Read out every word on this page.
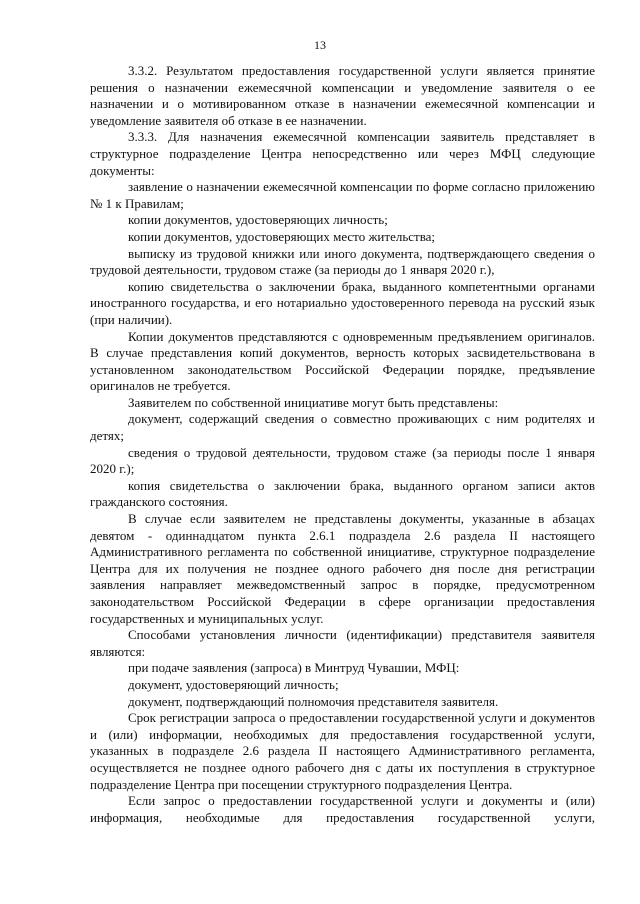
13

3.3.2. Результатом предоставления государственной услуги является принятие решения о назначении ежемесячной компенсации и уведомление заявителя о ее назначении и о мотивированном отказе в назначении ежемесячной компенсации и уведомление заявителя об отказе в ее назначении.

3.3.3. Для назначения ежемесячной компенсации заявитель представляет в структурное подразделение Центра непосредственно или через МФЦ следующие документы:

заявление о назначении ежемесячной компенсации по форме согласно приложению № 1 к Правилам;

копии документов, удостоверяющих личность;

копии документов, удостоверяющих место жительства;

выписку из трудовой книжки или иного документа, подтверждающего сведения о трудовой деятельности, трудовом стаже (за периоды до 1 января 2020 г.),

копию свидетельства о заключении брака, выданного компетентными органами иностранного государства, и его нотариально удостоверенного перевода на русский язык (при наличии).

Копии документов представляются с одновременным предъявлением оригиналов. В случае представления копий документов, верность которых засвидетельствована в установленном законодательством Российской Федерации порядке, предъявление оригиналов не требуется.

Заявителем по собственной инициативе могут быть представлены:

документ, содержащий сведения о совместно проживающих с ним родителях и детях;

сведения о трудовой деятельности, трудовом стаже (за периоды после 1 января 2020 г.);

копия свидетельства о заключении брака, выданного органом записи актов гражданского состояния.

В случае если заявителем не представлены документы, указанные в абзацах девятом - одиннадцатом пункта 2.6.1 подраздела 2.6 раздела II настоящего Административного регламента по собственной инициативе, структурное подразделение Центра для их получения не позднее одного рабочего дня после дня регистрации заявления направляет межведомственный запрос в порядке, предусмотренном законодательством Российской Федерации в сфере организации предоставления государственных и муниципальных услуг.

Способами установления личности (идентификации) представителя заявителя являются:

при подаче заявления (запроса) в Минтруд Чувашии, МФЦ:

документ, удостоверяющий личность;

документ, подтверждающий полномочия представителя заявителя.

Срок регистрации запроса о предоставлении государственной услуги и документов и (или) информации, необходимых для предоставления государственной услуги, указанных в подразделе 2.6 раздела II настоящего Административного регламента, осуществляется не позднее одного рабочего дня с даты их поступления в структурное подразделение Центра при посещении структурного подразделения Центра.

Если запрос о предоставлении государственной услуги и документы и (или) информация, необходимые для предоставления государственной услуги,
